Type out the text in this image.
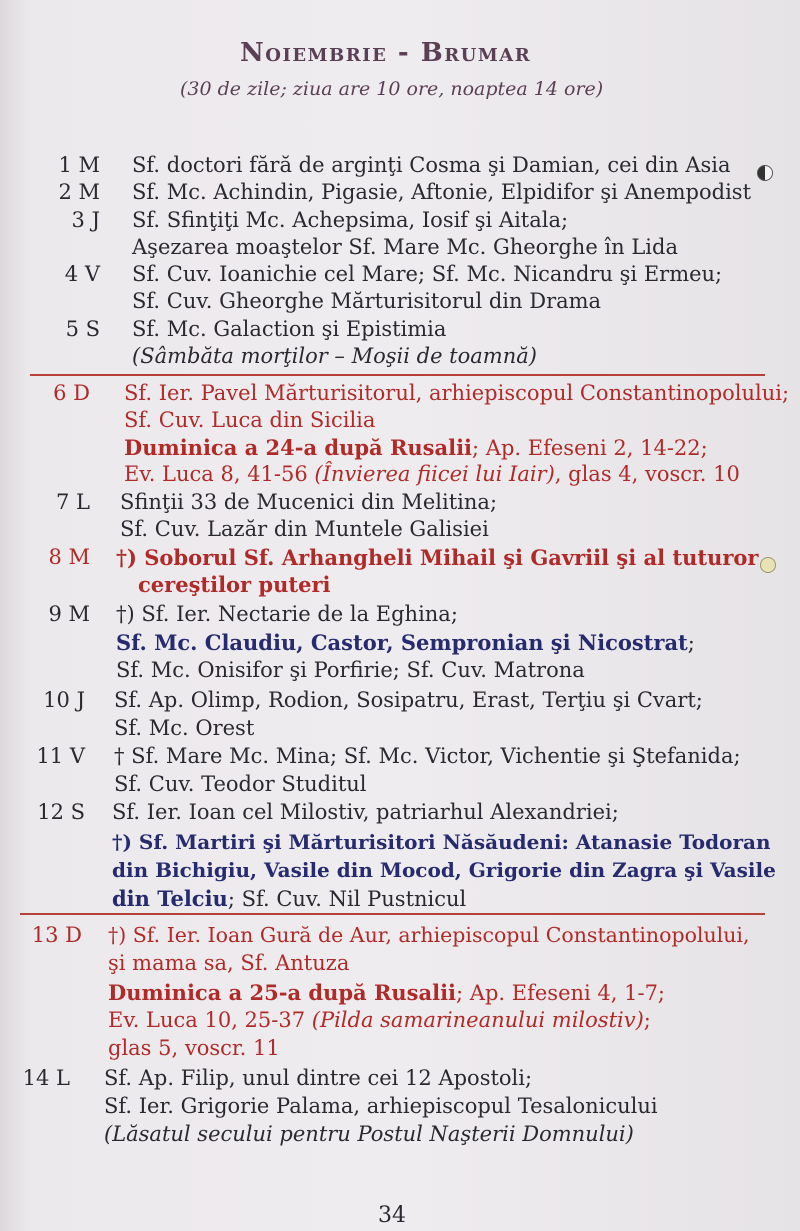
Noiembrie - Brumar
(30 de zile; ziua are 10 ore, noaptea 14 ore)
1 M Sf. doctori fără de arginţi Cosma şi Damian, cei din Asia
2 M Sf. Mc. Achindin, Pigasie, Aftonie, Elpidifor şi Anempodist
3 J Sf. Sfinţiţi Mc. Achepsima, Iosif şi Aitala;
Aşezarea moaştelor Sf. Mare Mc. Gheorghe în Lida
4 V Sf. Cuv. Ioanichie cel Mare; Sf. Mc. Nicandru şi Ermeu;
Sf. Cuv. Gheorghe Mărturisitorul din Drama
5 S Sf. Mc. Galaction şi Epistimia
(Sâmbăta morţilor – Moşii de toamnă)
6 D Sf. Ier. Pavel Mărturisitorul, arhiepiscopul Constantinopolului;
Sf. Cuv. Luca din Sicilia
Duminica a 24-a după Rusalii; Ap. Efeseni 2, 14-22;
Ev. Luca 8, 41-56 (Învierea fiicei lui Iair), glas 4, voscr. 10
7 L Sfinţii 33 de Mucenici din Melitina;
Sf. Cuv. Lazăr din Muntele Galisiei
8 M †) Soborul Sf. Arhangheli Mihail şi Gavriil şi al tuturor
cereştilor puteri
9 M †) Sf. Ier. Nectarie de la Eghina;
Sf. Mc. Claudiu, Castor, Sempronian şi Nicostrat;
Sf. Mc. Onisifor şi Porfirie; Sf. Cuv. Matrona
10 J Sf. Ap. Olimp, Rodion, Sosipatru, Erast, Terţiu şi Cvart;
Sf. Mc. Orest
11 V † Sf. Mare Mc. Mina; Sf. Mc. Victor, Vichentie şi Ştefanida;
Sf. Cuv. Teodor Studitul
12 S Sf. Ier. Ioan cel Milostiv, patriarhul Alexandriei;
†) Sf. Martiri şi Mărturisitori Năsăudeni: Atanasie Todoran
din Bichigiu, Vasile din Mocod, Grigorie din Zagra şi Vasile
din Telciu; Sf. Cuv. Nil Pustnicul
13 D †) Sf. Ier. Ioan Gură de Aur, arhiepiscopul Constantinopolului,
şi mama sa, Sf. Antuza
Duminica a 25-a după Rusalii; Ap. Efeseni 4, 1-7;
Ev. Luca 10, 25-37 (Pilda samarineanului milostiv);
glas 5, voscr. 11
14 L Sf. Ap. Filip, unul dintre cei 12 Apostoli;
Sf. Ier. Grigorie Palama, arhiepiscopul Tesalonicului
(Lăsatul secului pentru Postul Naşterii Domnului)
34
